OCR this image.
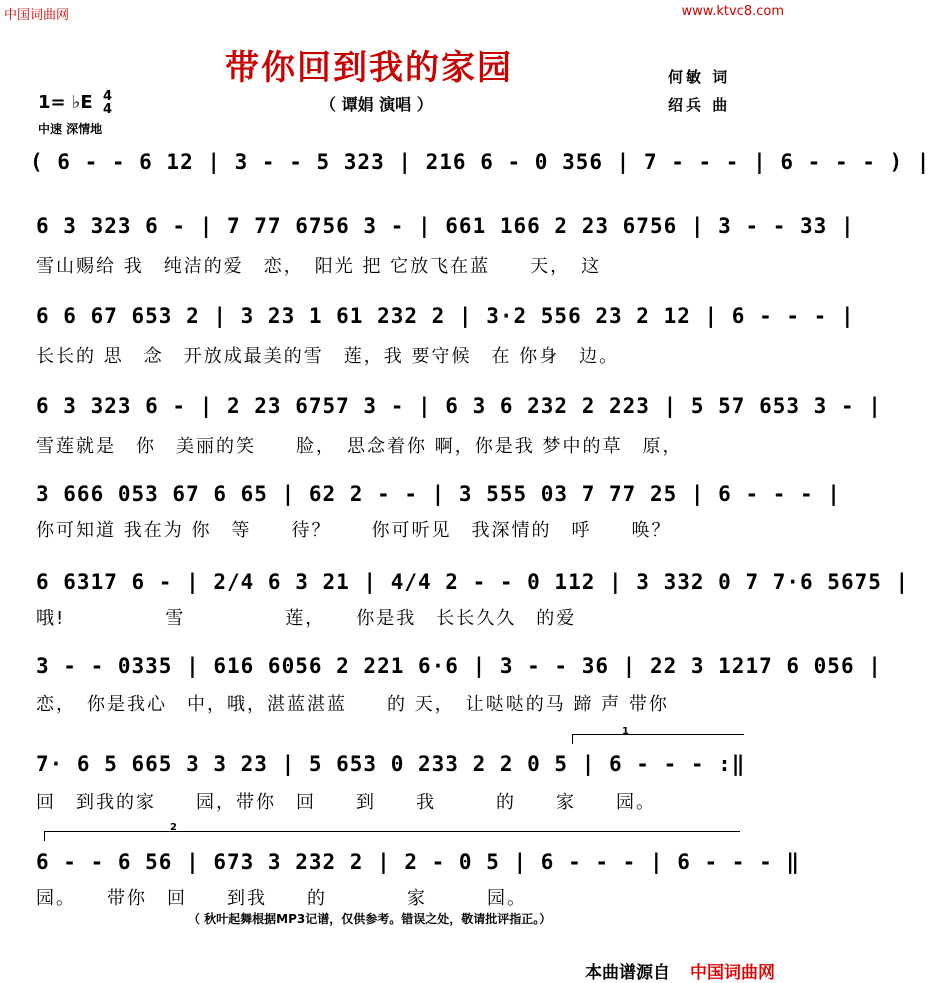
中国词曲网	www.ktvc8.com
带你回到我的家园
（ 谭娟 演唱 ）
何敏 词
绍兵 曲
1= ♭E 4
4
中速 深情地
( 6 - - 6 12 | 3 - - 5 323 | 216 6 - 0 356 | 7 - - - | 6 - - - ) |
6 3 323 6 - | 7 77 6756 3 - | 661 166 2 23 6756 | 3 - - 33 |
雪山赐给 我　纯洁的爱　恋，　阳光 把 它放飞在蓝　　天，　这
6 6 67 653 2 | 3 23 1 61 232 2 | 3·2 556 23 2 12 | 6 - - - |
长长的 思　念　开放成最美的雪　莲，我 要守候　在 你身　边。
6 3 323 6 - | 2 23 6757 3 - | 6 3 6 232 2 223 | 5 57 653 3 - |
雪莲就是　你　美丽的笑　　脸，　思念着你 啊，你是我 梦中的草　原，
3 666 053 67 6 65 | 62 2 - - | 3 555 03 7 77 25 | 6 - - - |
你可知道 我在为 你　等　　待？　　你可听见　我深情的　呼　　唤？
6 6317 6 - | 2/4 6 3 21 | 4/4 2 - - 0 112 | 3 332 0 7 7·6 5675 |
哦!　　　　　雪　　　　　莲，　　你是我　长长久久　的爱
3 - - 0335 | 616 6056 2 221 6·6 | 3 - - 36 | 22 3 1217 6 056 |
恋，　你是我心　中，哦，湛蓝湛蓝　　的 天，　让哒哒的马 蹄 声 带你
1
7· 6 5 665 3 3 23 | 5 653 0 233 2 2 0 5 | 6 - - - :‖
回　到我的家　　园，带你　回　　到　　我　　　的　　家　　园。
2
6 - - 6 56 | 673 3 232 2 | 2 - 0 5 | 6 - - - | 6 - - - ‖
园。　　带你　回　　到我　　的　　　　家　　　园。
（ 秋叶起舞根据MP3记谱，仅供参考。错误之处，敬请批评指正。）
本曲谱源自 中国词曲网
